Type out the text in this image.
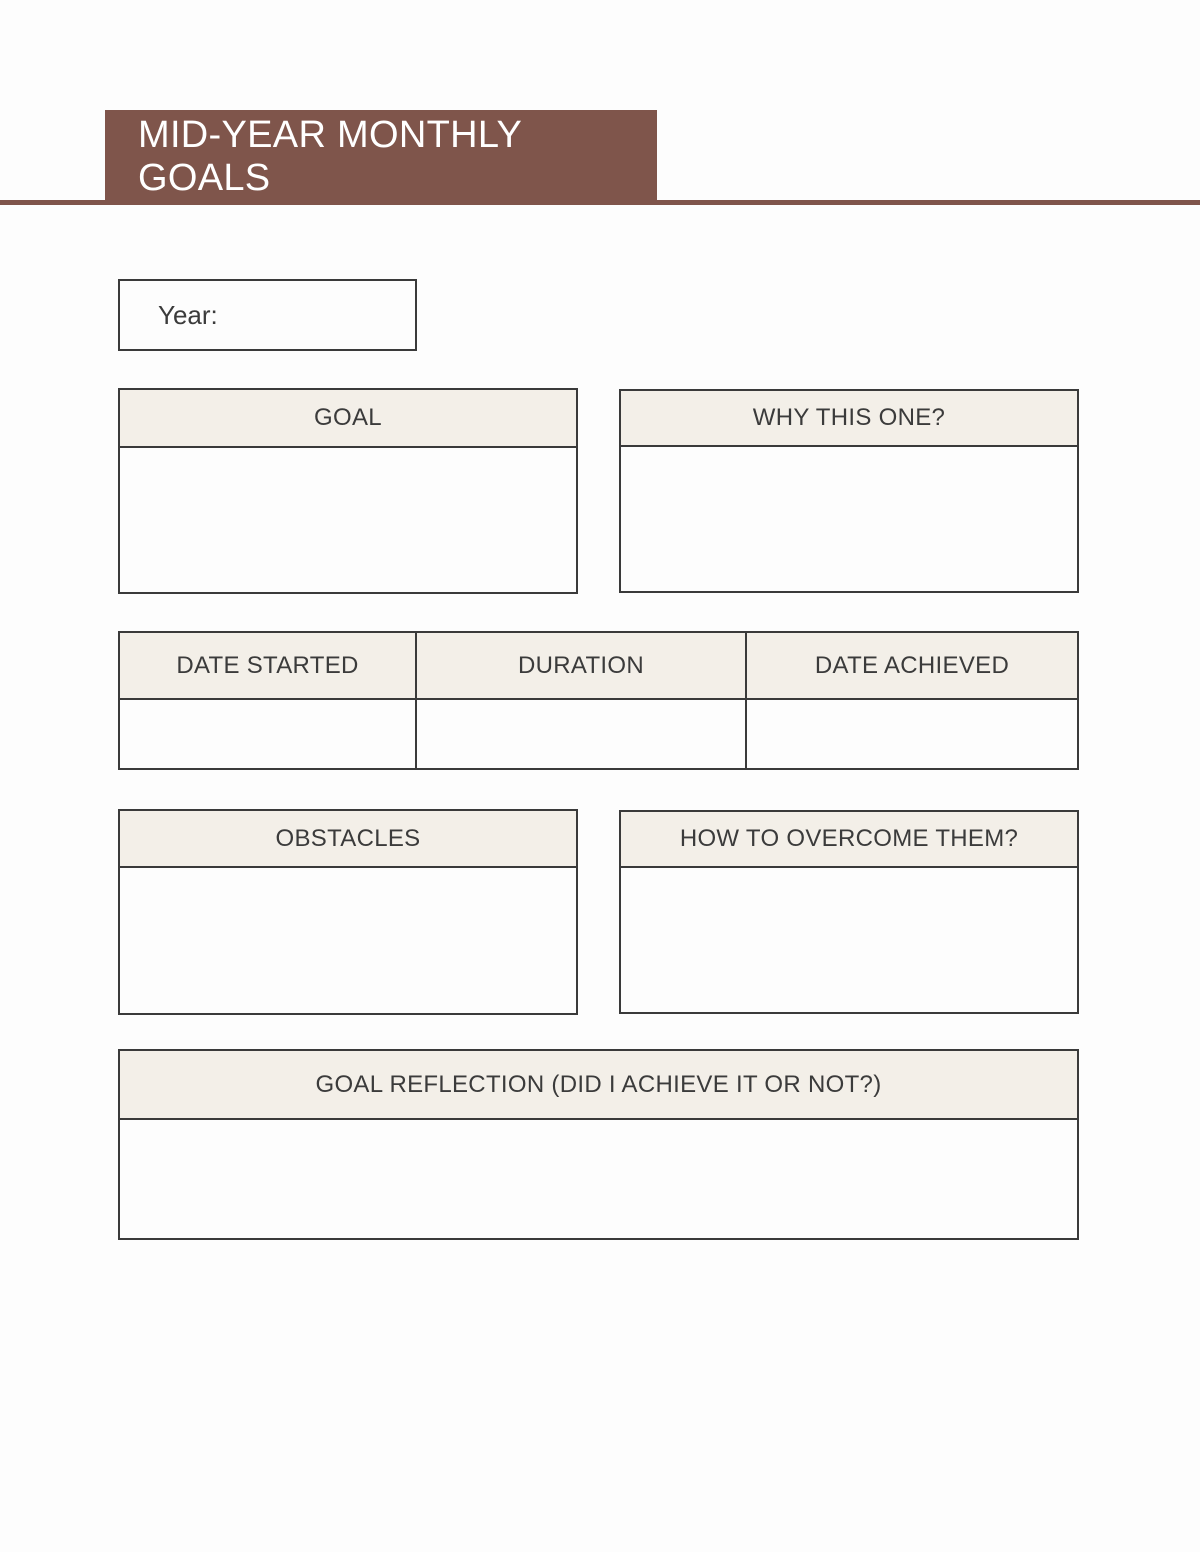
MID-YEAR MONTHLY GOALS
Year:
GOAL	WHY THIS ONE?
DATE STARTED	DURATION	DATE ACHIEVED
OBSTACLES	HOW TO OVERCOME THEM?
GOAL REFLECTION (DID I ACHIEVE IT OR NOT?)
